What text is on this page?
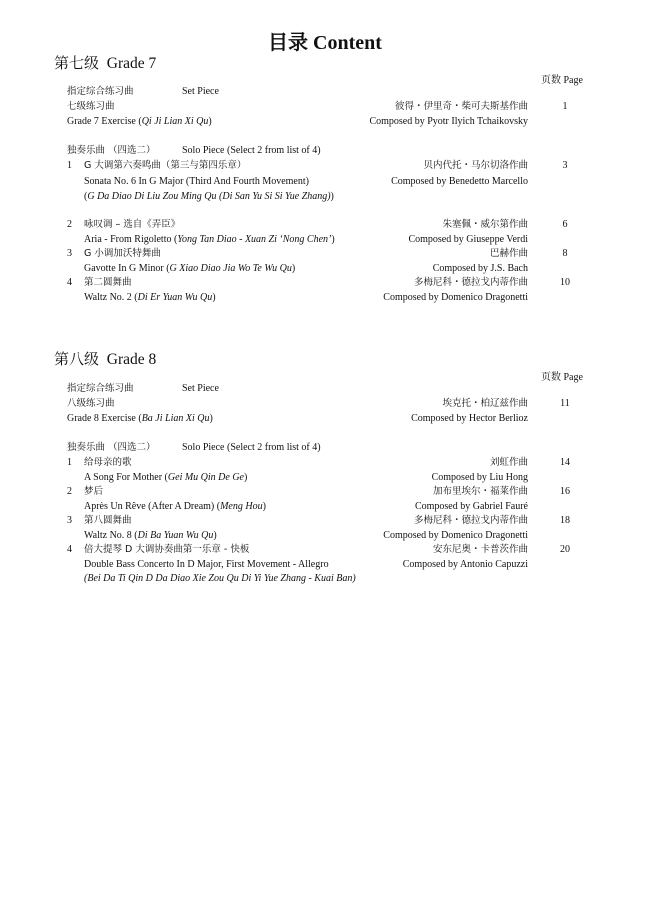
目录 Content
第七级 Grade 7
页数 Page
指定综合练习曲	Set Piece
七级练习曲	彼得・伊里奇・柴可夫斯基作曲	1
Grade 7 Exercise (Qi Ji Lian Xi Qu)	Composed by Pyotr Ilyich Tchaikovsky
独奏乐曲 （四选二）	Solo Piece (Select 2 from list of 4)
1 G 大调第六奏鸣曲（第三与第四乐章）	贝内代托・马尔切洛作曲	3
Sonata No. 6 In G Major (Third And Fourth Movement)	Composed by Benedetto Marcello
(G Da Diao Di Liu Zou Ming Qu (Di San Yu Si Si Yue Zhang))
2 咏叹调 – 选自《弄臣》	朱塞佩・威尔第作曲	6
Aria - From Rigoletto (Yong Tan Diao - Xuan Zi ‘Nong Chen’)	Composed by Giuseppe Verdi
3 G 小调加沃特舞曲	巴赫作曲	8
Gavotte In G Minor (G Xiao Diao Jia Wo Te Wu Qu)	Composed by J.S. Bach
4 第二圆舞曲	多梅尼科・德拉戈内蒂作曲	10
Waltz No. 2 (Di Er Yuan Wu Qu)	Composed by Domenico Dragonetti
第八级 Grade 8
页数 Page
指定综合练习曲	Set Piece
八级练习曲	埃克托・柏辽兹作曲	11
Grade 8 Exercise (Ba Ji Lian Xi Qu)	Composed by Hector Berlioz
独奏乐曲 （四选二）	Solo Piece (Select 2 from list of 4)
1 给母亲的歌	刘虹作曲	14
A Song For Mother (Gei Mu Qin De Ge)	Composed by Liu Hong
2 梦后	加布里埃尔・福莱作曲	16
Après Un Rêve (After A Dream) (Meng Hou)	Composed by Gabriel Fauré
3 第八圆舞曲	多梅尼科・德拉戈内蒂作曲	18
Waltz No. 8 (Di Ba Yuan Wu Qu)	Composed by Domenico Dragonetti
4 倍大提琴 D 大调协奏曲第一乐章 - 快板	安东尼奥・卡普茨作曲	20
Double Bass Concerto In D Major, First Movement - Allegro	Composed by Antonio Capuzzi
(Bei Da Ti Qin D Da Diao Xie Zou Qu Di Yi Yue Zhang - Kuai Ban)
